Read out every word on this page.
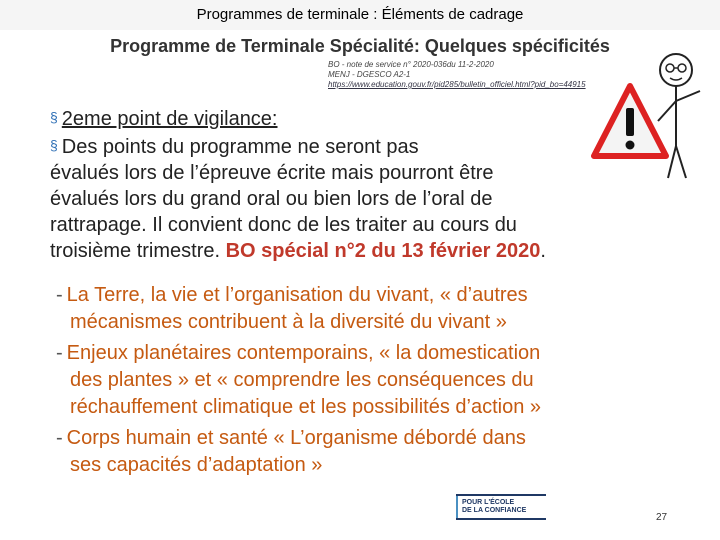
Programmes de terminale : Éléments de cadrage
Programme de Terminale Spécialité: Quelques spécificités
BO - note de service n° 2020-036du 11-2-2020
MENJ - DGESCO A2-1
https://www.education.gouv.fr/pid285/bulletin_officiel.html?pid_bo=44915

§ 2eme point de vigilance:

§ Des points du programme ne seront pas
évalués lors de l’épreuve écrite mais pourront être
évalués lors du grand oral ou bien lors de l’oral de
rattrapage. Il convient donc de les traiter au cours du
troisième trimestre. BO spécial n°2 du 13 février 2020.
- La Terre, la vie et l’organisation du vivant, « d’autres
mécanismes contribuent à la diversité du vivant »
- Enjeux planétaires contemporains, « la domestication
des plantes » et « comprendre les conséquences du
réchauffement climatique et les possibilités d’action »
- Corps humain et santé « L’organisme débordé dans
ses capacités d’adaptation »
POUR L'ÉCOLE
DE LA CONFIANCE
27
